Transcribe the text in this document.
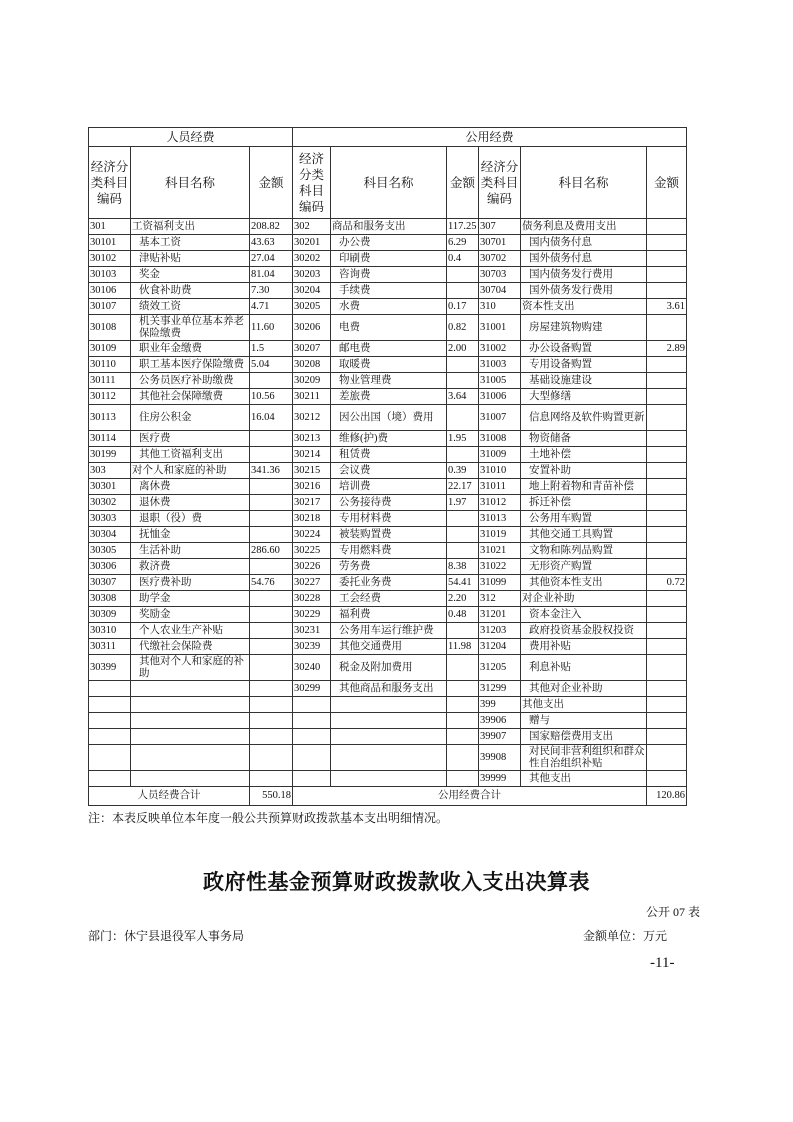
人员经费			公用经费					
经济分类科目编码	科目名称	金额	经济分类科目编码	科目名称	金额	经济分类科目编码	科目名称	金额
301	工资福利支出	208.82	302	商品和服务支出	117.25	307	债务利息及费用支出	
30101	基本工资	43.63	30201	办公费	6.29	30701	国内债务付息	
30102	津贴补贴	27.04	30202	印刷费	0.4	30702	国外债务付息	
30103	奖金	81.04	30203	咨询费		30703	国内债务发行费用	
30106	伙食补助费	7.30	30204	手续费		30704	国外债务发行费用	
30107	绩效工资	4.71	30205	水费	0.17	310	资本性支出	3.61
30108	机关事业单位基本养老保险缴费	11.60	30206	电费	0.82	31001	房屋建筑物购建	
30109	职业年金缴费	1.5	30207	邮电费	2.00	31002	办公设备购置	2.89
30110	职工基本医疗保险缴费	5.04	30208	取暖费		31003	专用设备购置	
30111	公务员医疗补助缴费		30209	物业管理费		31005	基础设施建设	
30112	其他社会保障缴费	10.56	30211	差旅费	3.64	31006	大型修缮	
30113	住房公积金	16.04	30212	因公出国（境）费用		31007	信息网络及软件购置更新	
30114	医疗费		30213	维修(护)费	1.95	31008	物资储备	
30199	其他工资福利支出		30214	租赁费		31009	土地补偿	
303	对个人和家庭的补助	341.36	30215	会议费	0.39	31010	安置补助	
30301	离休费		30216	培训费	22.17	31011	地上附着物和青苗补偿	
30302	退休费		30217	公务接待费	1.97	31012	拆迁补偿	
30303	退职（役）费		30218	专用材料费		31013	公务用车购置	
30304	抚恤金		30224	被装购置费		31019	其他交通工具购置	
30305	生活补助	286.60	30225	专用燃料费		31021	文物和陈列品购置	
30306	救济费		30226	劳务费	8.38	31022	无形资产购置	
30307	医疗费补助	54.76	30227	委托业务费	54.41	31099	其他资本性支出	0.72
30308	助学金		30228	工会经费	2.20	312	对企业补助	
30309	奖励金		30229	福利费	0.48	31201	资本金注入	
30310	个人农业生产补贴		30231	公务用车运行维护费		31203	政府投资基金股权投资	
30311	代缴社会保险费		30239	其他交通费用	11.98	31204	费用补贴	
30399	其他对个人和家庭的补助		30240	税金及附加费用		31205	利息补贴	
			30299	其他商品和服务支出		31299	其他对企业补助	
						399	其他支出	
						39906	赠与	
						39907	国家赔偿费用支出	
						39908	对民间非营利组织和群众性自治组织补贴	
						39999	其他支出	
人员经费合计		550.18	公用经费合计					120.86
注：本表反映单位本年度一般公共预算财政拨款基本支出明细情况。
政府性基金预算财政拨款收入支出决算表
公开 07 表
部门：休宁县退役军人事务局	金额单位：万元
-11-
